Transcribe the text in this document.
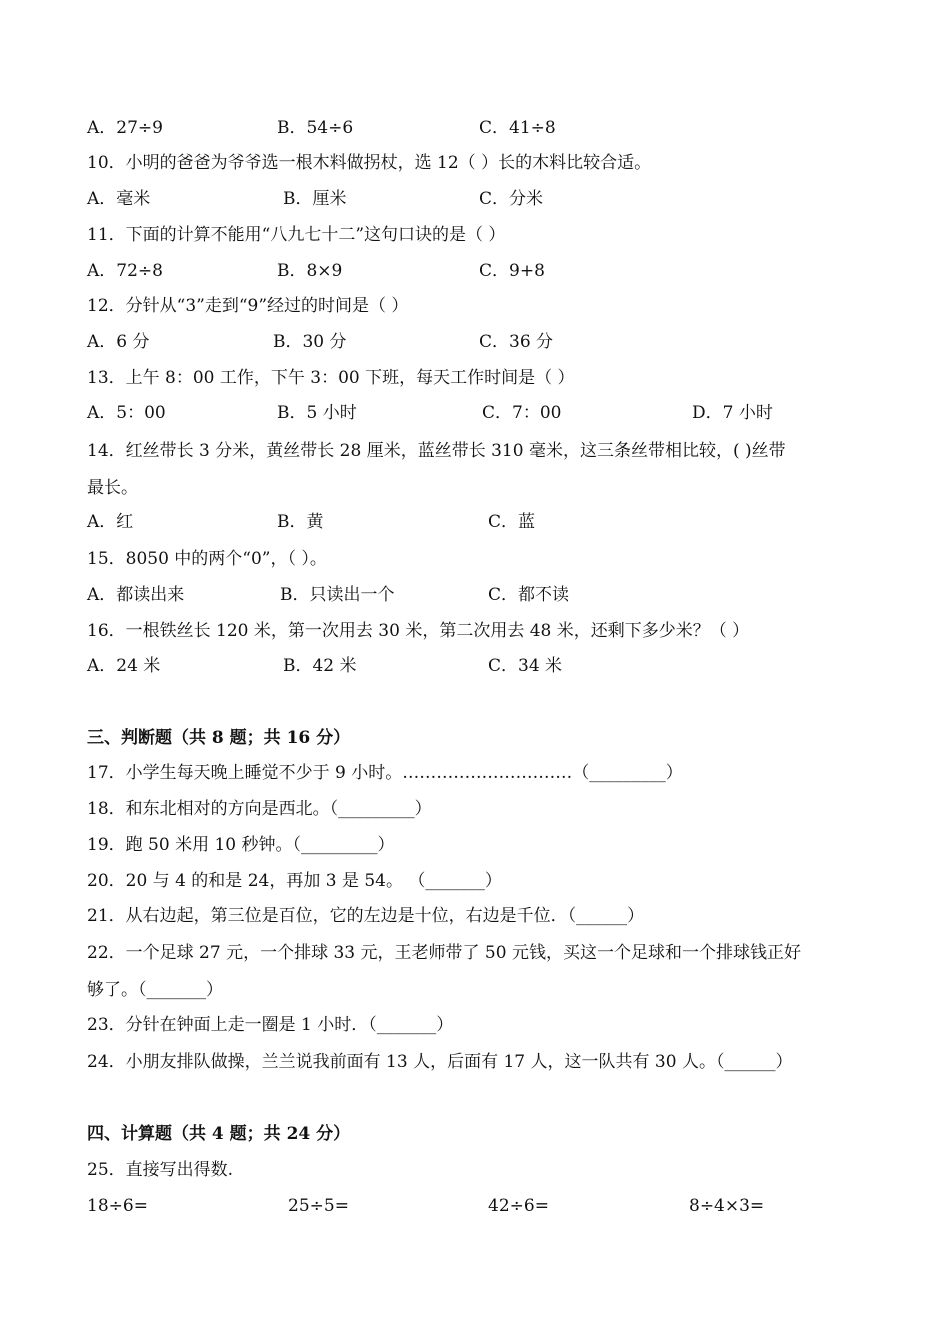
A．27÷9	B．54÷6	C．41÷8
10．小明的爸爸为爷爷选一根木料做拐杖，选 12（ ）长的木料比较合适。
A．毫米	B．厘米	C．分米
11．下面的计算不能用“八九七十二”这句口诀的是（ ）
A．72÷8	B．8×9	C．9+8
12．分针从“3”走到“9”经过的时间是（ ）
A．6 分	B．30 分	C．36 分
13．上午 8：00 工作，下午 3：00 下班，每天工作时间是（ ）
A．5：00	B．5 小时	C．7：00	D．7 小时
14．红丝带长 3 分米，黄丝带长 28 厘米，蓝丝带长 310 毫米，这三条丝带相比较，( )丝带
最长。
A．红	B．黄	C．蓝
15．8050 中的两个“0”，（ ）。
A．都读出来	B．只读出一个	C．都不读
16．一根铁丝长 120 米，第一次用去 30 米，第二次用去 48 米，还剩下多少米？（ ）
A．24 米	B．42 米	C．34 米
三、判断题（共 8 题；共 16 分）
17．小学生每天晚上睡觉不少于 9 小时。…………………………（_________）
18．和东北相对的方向是西北。（_________）
19．跑 50 米用 10 秒钟。（_________）
20．20 与 4 的和是 24，再加 3 是 54。 （_______）
21．从右边起，第三位是百位，它的左边是十位，右边是千位．（______）
22．一个足球 27 元，一个排球 33 元，王老师带了 50 元钱，买这一个足球和一个排球钱正好
够了。（_______）
23．分针在钟面上走一圈是 1 小时．（_______）
24．小朋友排队做操，兰兰说我前面有 13 人，后面有 17 人，这一队共有 30 人。（______）
四、计算题（共 4 题；共 24 分）
25．直接写出得数.
18÷6=	25÷5=	42÷6=	8÷4×3=
